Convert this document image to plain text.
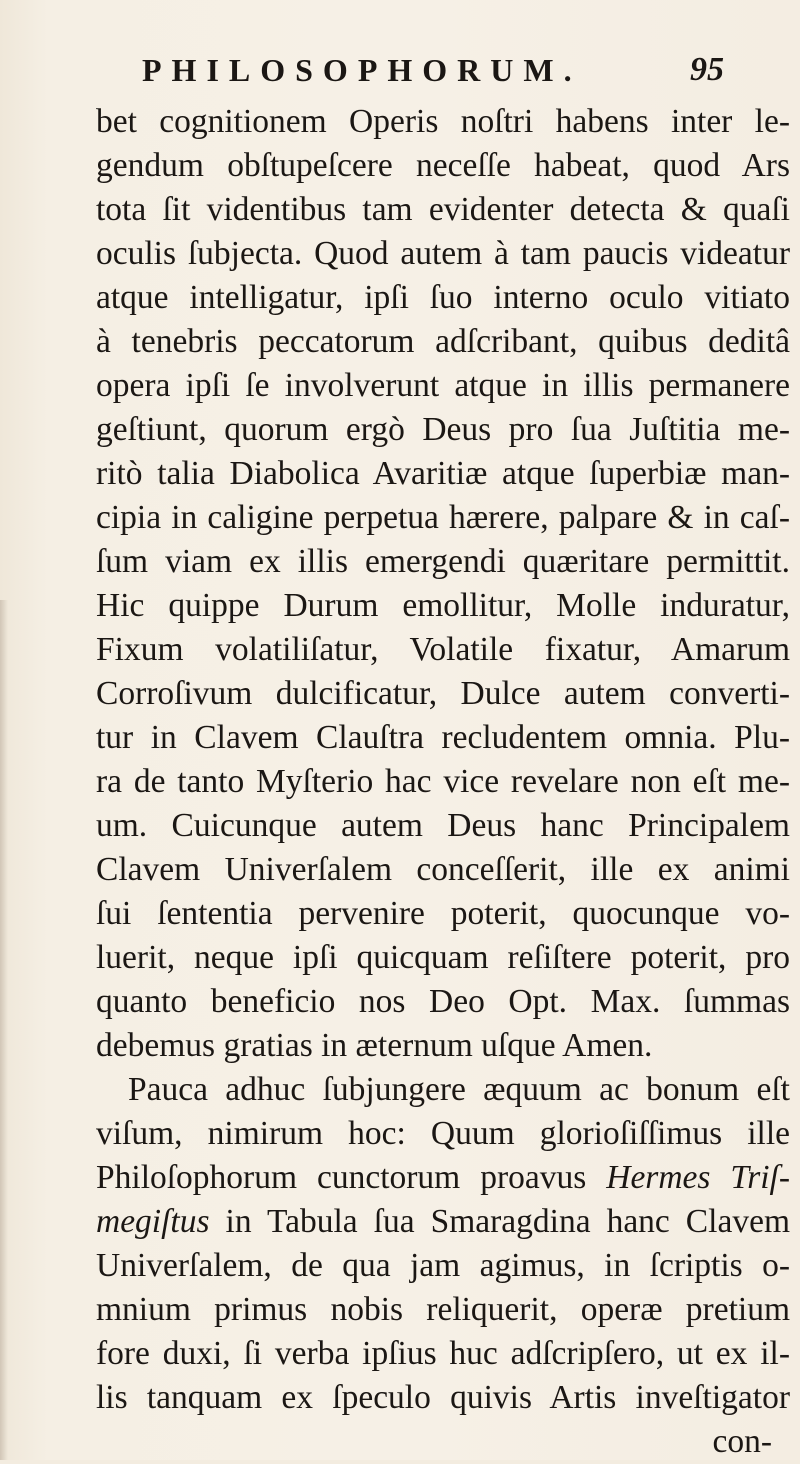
PHILOSOPHORUM.	95
bet cognitionem Operis noſtri habens inter le-
gendum obſtupeſcere neceſſe habeat, quod Ars
tota ſit videntibus tam evidenter detecta & quaſi
oculis ſubjecta. Quod autem à tam paucis videatur
atque intelligatur, ipſi ſuo interno oculo vitiato
à tenebris peccatorum adſcribant, quibus deditâ
opera ipſi ſe involverunt atque in illis permanere
geſtiunt, quorum ergò Deus pro ſua Juſtitia me-
ritò talia Diabolica Avaritiæ atque ſuperbiæ man-
cipia in caligine perpetua hærere, palpare & in caſ-
ſum viam ex illis emergendi quæritare permittit.
Hic quippe Durum emollitur, Molle induratur,
Fixum volatiliſatur, Volatile fixatur, Amarum
Corroſivum dulcificatur, Dulce autem converti-
tur in Clavem Clauſtra recludentem omnia. Plu-
ra de tanto Myſterio hac vice revelare non eſt me-
um. Cuicunque autem Deus hanc Principalem
Clavem Univerſalem conceſſerit, ille ex animi
ſui ſententia pervenire poterit, quocunque vo-
luerit, neque ipſi quicquam reſiſtere poterit, pro
quanto beneficio nos Deo Opt. Max. ſummas
debemus gratias in æternum uſque Amen.
Pauca adhuc ſubjungere æquum ac bonum eſt
viſum, nimirum hoc: Quum glorioſiſſimus ille
Philoſophorum cunctorum proavus Hermes Triſ-
megiſtus in Tabula ſua Smaragdina hanc Clavem
Univerſalem, de qua jam agimus, in ſcriptis o-
mnium primus nobis reliquerit, operæ pretium
fore duxi, ſi verba ipſius huc adſcripſero, ut ex il-
lis tanquam ex ſpeculo quivis Artis inveſtigator
con-
